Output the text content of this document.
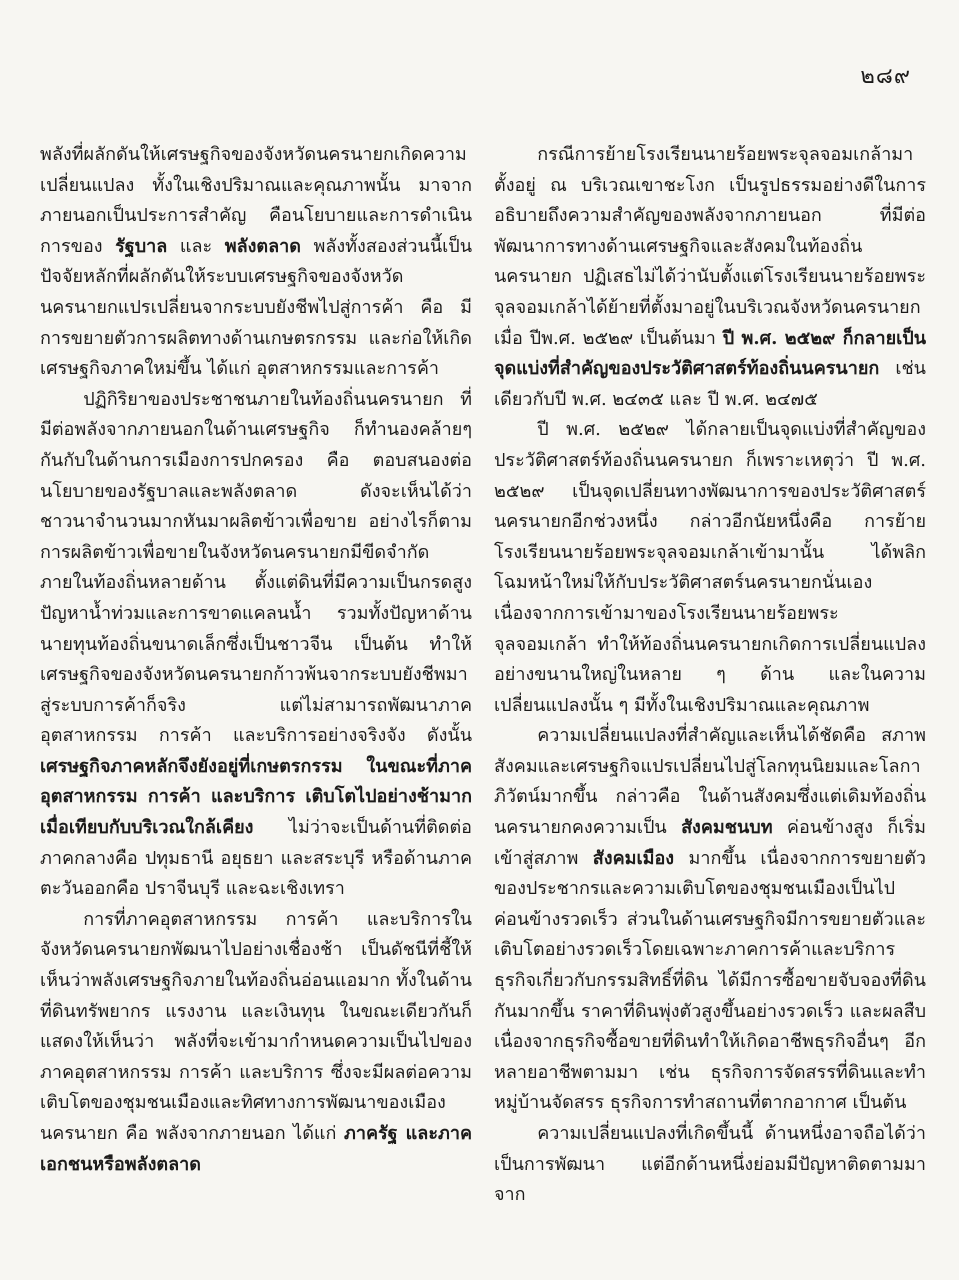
๒๘๙

พลังที่ผลักดันให้เศรษฐกิจของจังหวัดนครนายกเกิดความเปลี่ยนแปลง ทั้งในเชิงปริมาณและคุณภาพนั้น มาจากภายนอกเป็นประการสำคัญ คือนโยบายและการดำเนินการของ รัฐบาล และ พลังตลาด พลังทั้งสองส่วนนี้เป็นปัจจัยหลักที่ผลักดันให้ระบบเศรษฐกิจของจังหวัดนครนายกแปรเปลี่ยนจากระบบยังชีพไปสู่การค้า คือ มีการขยายตัวการผลิตทางด้านเกษตรกรรม และก่อให้เกิดเศรษฐกิจภาคใหม่ขึ้น ได้แก่ อุตสาหกรรมและการค้า

ปฏิกิริยาของประชาชนภายในท้องถิ่นนครนายก ที่มีต่อพลังจากภายนอกในด้านเศรษฐกิจ ก็ทำนองคล้ายๆ กันกับในด้านการเมืองการปกครอง คือ ตอบสนองต่อนโยบายของรัฐบาลและพลังตลาด ดังจะเห็นได้ว่า ชาวนาจำนวนมากหันมาผลิตข้าวเพื่อขาย อย่างไรก็ตาม การผลิตข้าวเพื่อขายในจังหวัดนครนายกมีขีดจำกัดภายในท้องถิ่นหลายด้าน ตั้งแต่ดินที่มีความเป็นกรดสูง ปัญหาน้ำท่วมและการขาดแคลนน้ำ รวมทั้งปัญหาด้านนายทุนท้องถิ่นขนาดเล็กซึ่งเป็นชาวจีน เป็นต้น ทำให้เศรษฐกิจของจังหวัดนครนายกก้าวพ้นจากระบบยังชีพมาสู่ระบบการค้าก็จริง แต่ไม่สามารถพัฒนาภาคอุตสาหกรรม การค้า และบริการอย่างจริงจัง ดังนั้น เศรษฐกิจภาคหลักจึงยังอยู่ที่เกษตรกรรม ในขณะที่ภาคอุตสาหกรรม การค้า และบริการ เติบโตไปอย่างช้ามากเมื่อเทียบกับบริเวณใกล้เคียง ไม่ว่าจะเป็นด้านที่ติดต่อภาคกลางคือ ปทุมธานี อยุธยา และสระบุรี หรือด้านภาคตะวันออกคือ ปราจีนบุรี และฉะเชิงเทรา

การที่ภาคอุตสาหกรรม การค้า และบริการในจังหวัดนครนายกพัฒนาไปอย่างเชื่องช้า เป็นดัชนีที่ชี้ให้เห็นว่าพลังเศรษฐกิจภายในท้องถิ่นอ่อนแอมาก ทั้งในด้านที่ดินทรัพยากร แรงงาน และเงินทุน ในขณะเดียวกันก็แสดงให้เห็นว่า พลังที่จะเข้ามากำหนดความเป็นไปของภาคอุตสาหกรรม การค้า และบริการ ซึ่งจะมีผลต่อความเติบโตของชุมชนเมืองและทิศทางการพัฒนาของเมืองนครนายก คือ พลังจากภายนอก ได้แก่ ภาครัฐ และภาคเอกชนหรือพลังตลาด

กรณีการย้ายโรงเรียนนายร้อยพระจุลจอมเกล้ามาตั้งอยู่ ณ บริเวณเขาชะโงก เป็นรูปธรรมอย่างดีในการอธิบายถึงความสำคัญของพลังจากภายนอก ที่มีต่อพัฒนาการทางด้านเศรษฐกิจและสังคมในท้องถิ่นนครนายก ปฏิเสธไม่ได้ว่านับตั้งแต่โรงเรียนนายร้อยพระจุลจอมเกล้าได้ย้ายที่ตั้งมาอยู่ในบริเวณจังหวัดนครนายก เมื่อ ปีพ.ศ. ๒๕๒๙ เป็นต้นมา ปี พ.ศ. ๒๕๒๙ ก็กลายเป็นจุดแบ่งที่สำคัญของประวัติศาสตร์ท้องถิ่นนครนายก เช่นเดียวกับปี พ.ศ. ๒๔๓๕ และ ปี พ.ศ. ๒๔๗๕

ปี พ.ศ. ๒๕๒๙ ได้กลายเป็นจุดแบ่งที่สำคัญของประวัติศาสตร์ท้องถิ่นนครนายก ก็เพราะเหตุว่า ปี พ.ศ. ๒๕๒๙ เป็นจุดเปลี่ยนทางพัฒนาการของประวัติศาสตร์นครนายกอีกช่วงหนึ่ง กล่าวอีกนัยหนึ่งคือ การย้ายโรงเรียนนายร้อยพระจุลจอมเกล้าเข้ามานั้น ได้พลิกโฉมหน้าใหม่ให้กับประวัติศาสตร์นครนายกนั่นเอง เนื่องจากการเข้ามาของโรงเรียนนายร้อยพระจุลจอมเกล้า ทำให้ท้องถิ่นนครนายกเกิดการเปลี่ยนแปลงอย่างขนานใหญ่ในหลาย ๆ ด้าน และในความเปลี่ยนแปลงนั้น ๆ มีทั้งในเชิงปริมาณและคุณภาพ

ความเปลี่ยนแปลงที่สำคัญและเห็นได้ชัดคือ สภาพสังคมและเศรษฐกิจแปรเปลี่ยนไปสู่โลกทุนนิยมและโลกาภิวัตน์มากขึ้น กล่าวคือ ในด้านสังคมซึ่งแต่เดิมท้องถิ่นนครนายกคงความเป็น สังคมชนบท ค่อนข้างสูง ก็เริ่มเข้าสู่สภาพ สังคมเมือง มากขึ้น เนื่องจากการขยายตัวของประชากรและความเติบโตของชุมชนเมืองเป็นไปค่อนข้างรวดเร็ว ส่วนในด้านเศรษฐกิจมีการขยายตัวและเติบโตอย่างรวดเร็วโดยเฉพาะภาคการค้าและบริการ ธุรกิจเกี่ยวกับกรรมสิทธิ์ที่ดิน ได้มีการซื้อขายจับจองที่ดินกันมากขึ้น ราคาที่ดินพุ่งตัวสูงขึ้นอย่างรวดเร็ว และผลสืบเนื่องจากธุรกิจซื้อขายที่ดินทำให้เกิดอาชีพธุรกิจอื่นๆ อีกหลายอาชีพตามมา เช่น ธุรกิจการจัดสรรที่ดินและทำหมู่บ้านจัดสรร ธุรกิจการทำสถานที่ตากอากาศ เป็นต้น

ความเปลี่ยนแปลงที่เกิดขึ้นนี้ ด้านหนึ่งอาจถือได้ว่าเป็นการพัฒนา แต่อีกด้านหนึ่งย่อมมีปัญหาติดตามมาจาก
